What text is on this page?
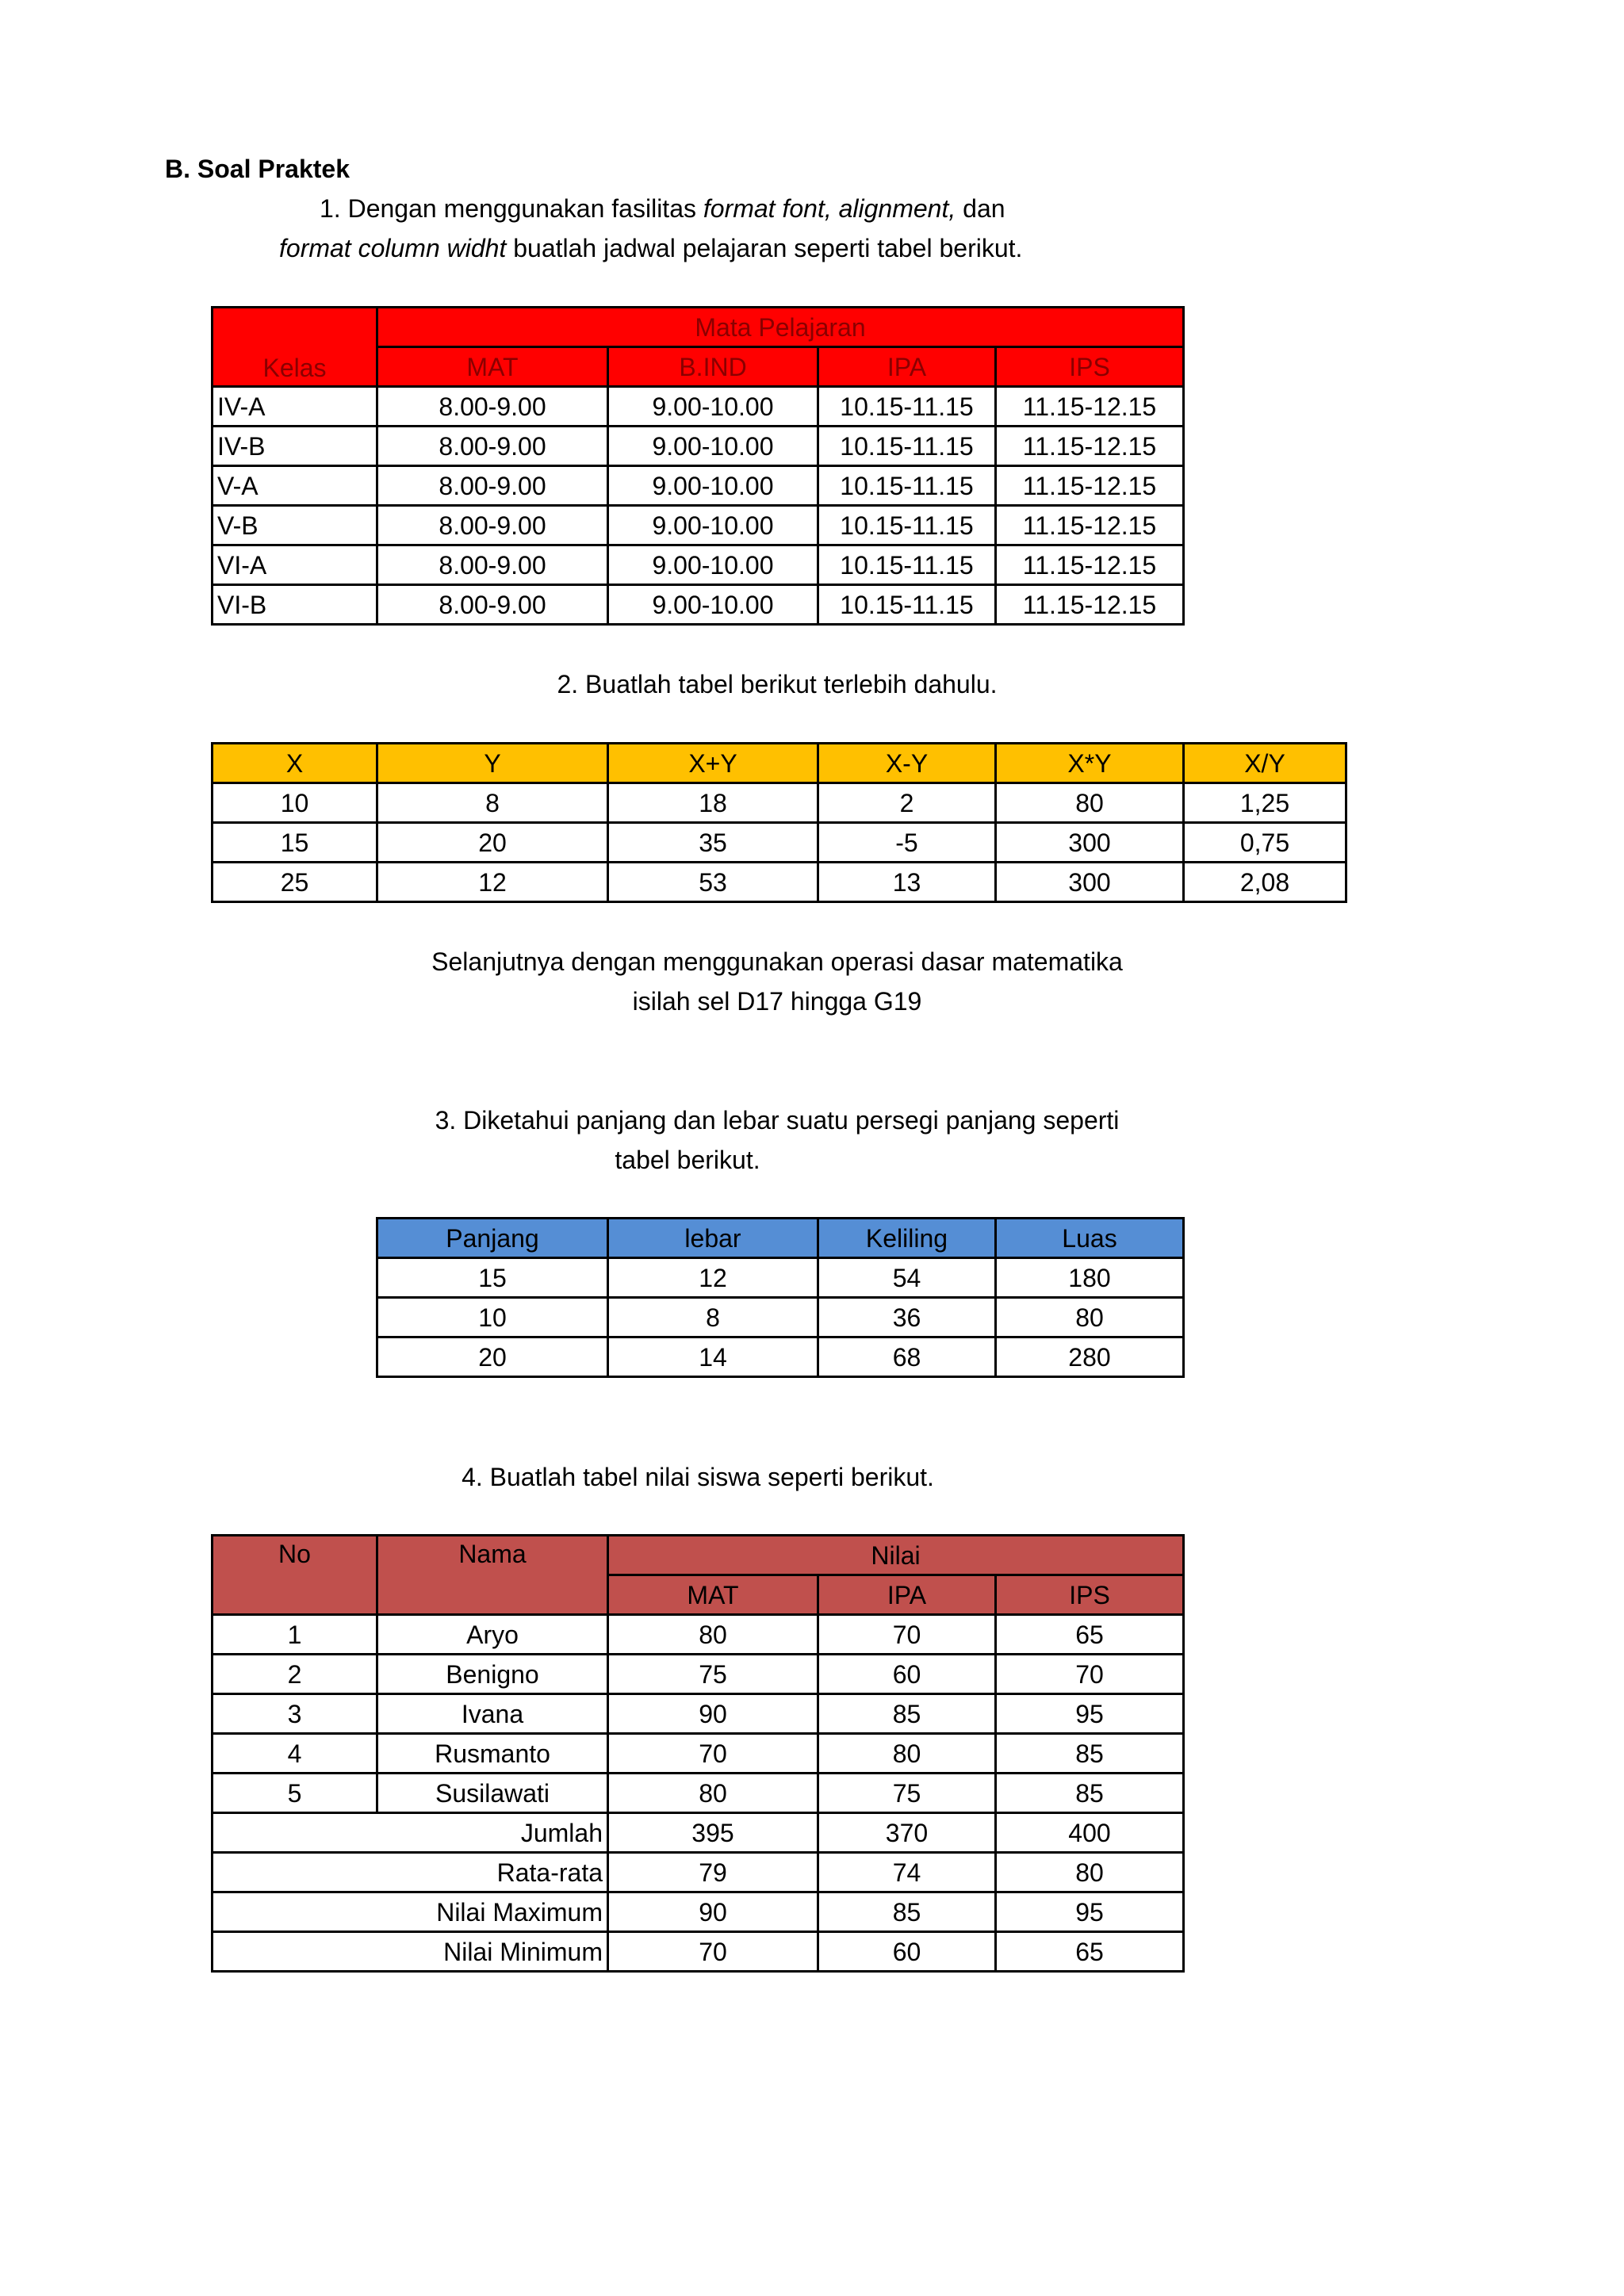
B. Soal Praktek
1. Dengan menggunakan fasilitas format font, alignment, dan
format column widht buatlah jadwal pelajaran seperti tabel berikut.
Kelas	Mata Pelajaran			
	MAT	B.IND	IPA	IPS
IV-A	8.00-9.00	9.00-10.00	10.15-11.15	11.15-12.15
IV-B	8.00-9.00	9.00-10.00	10.15-11.15	11.15-12.15
V-A	8.00-9.00	9.00-10.00	10.15-11.15	11.15-12.15
V-B	8.00-9.00	9.00-10.00	10.15-11.15	11.15-12.15
VI-A	8.00-9.00	9.00-10.00	10.15-11.15	11.15-12.15
VI-B	8.00-9.00	9.00-10.00	10.15-11.15	11.15-12.15
2. Buatlah tabel berikut terlebih dahulu.
X	Y	X+Y	X-Y	X*Y	X/Y
10	8	18	2	80	1,25
15	20	35	-5	300	0,75
25	12	53	13	300	2,08
Selanjutnya dengan menggunakan operasi dasar matematika
isilah sel D17 hingga G19
3. Diketahui panjang dan lebar suatu persegi panjang seperti
tabel berikut.
Panjang	lebar	Keliling	Luas
15	12	54	180
10	8	36	80
20	14	68	280
4. Buatlah tabel nilai siswa seperti berikut.
No	Nama	Nilai		
		MAT	IPA	IPS
1	Aryo	80	70	65
2	Benigno	75	60	70
3	Ivana	90	85	95
4	Rusmanto	70	80	85
5	Susilawati	80	75	85
Jumlah		395	370	400
Rata-rata		79	74	80
Nilai Maximum		90	85	95
Nilai Minimum		70	60	65
